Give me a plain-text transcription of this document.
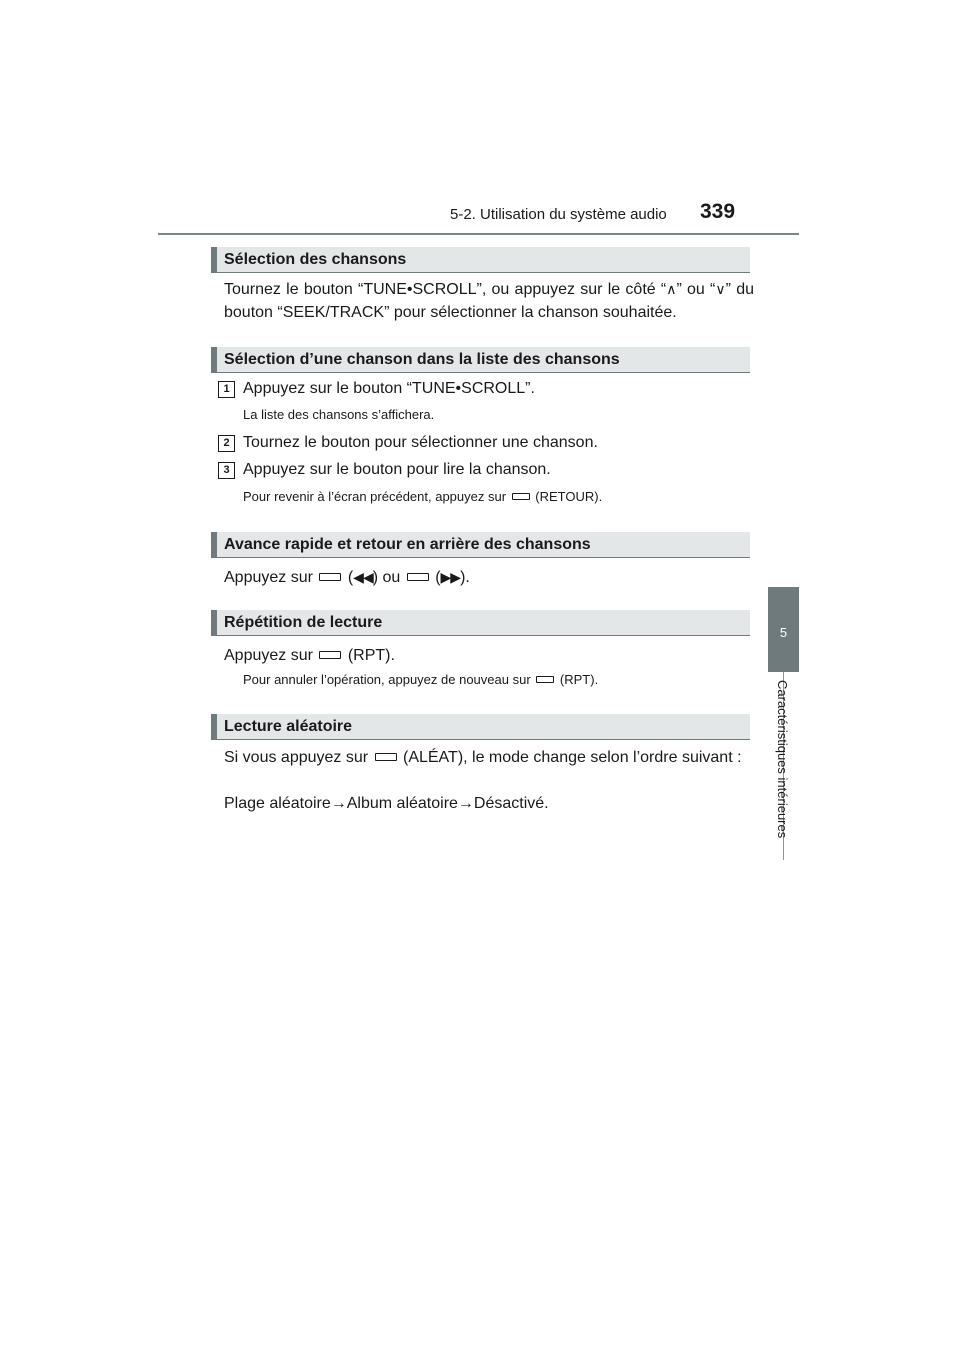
5-2. Utilisation du système audio 339
5
Caractéristiques intérieures
Sélection des chansons
Tournez le bouton “TUNE•SCROLL”, ou appuyez sur le côté “∧” ou “∨” du bouton “SEEK/TRACK” pour sélectionner la chanson souhaitée.
Sélection d’une chanson dans la liste des chansons
1 Appuyez sur le bouton “TUNE•SCROLL”.
La liste des chansons s’affichera.
2 Tournez le bouton pour sélectionner une chanson.
3 Appuyez sur le bouton pour lire la chanson.
Pour revenir à l’écran précédent, appuyez sur (RETOUR).
Avance rapide et retour en arrière des chansons
Appuyez sur  (◀◀) ou  (▶▶).
Répétition de lecture
Appuyez sur (RPT).
Pour annuler l’opération, appuyez de nouveau sur (RPT).
Lecture aléatoire
Si vous appuyez sur (ALÉAT), le mode change selon l’ordre suivant :
Plage aléatoire→Album aléatoire→Désactivé.
